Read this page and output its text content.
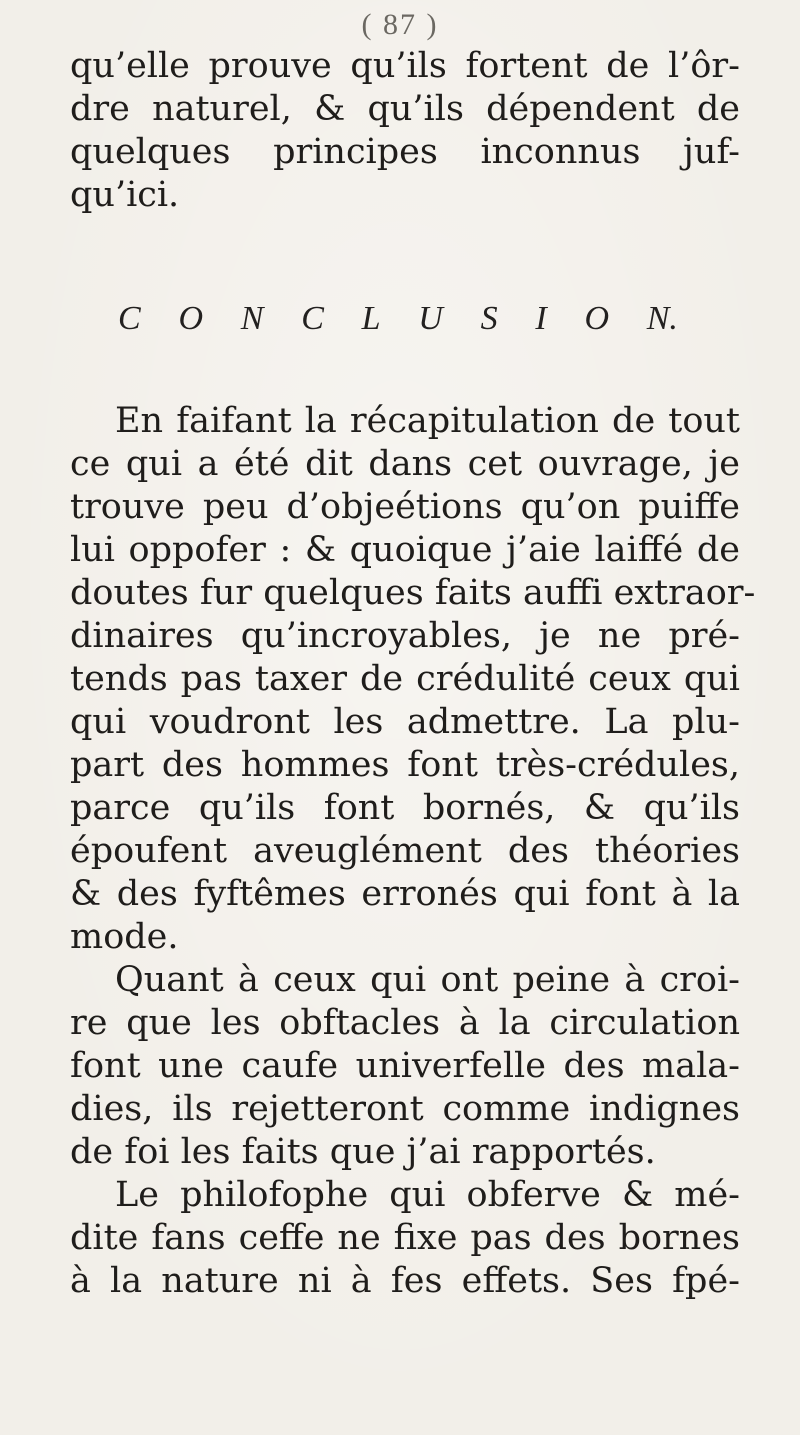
( 87 )
qu’elle prouve qu’ils fortent de l’ôr-
dre naturel, & qu’ils dépendent de
quelques principes inconnus juf-
qu’ici.
C O N C L U S I O N.
En faifant la récapitulation de tout
ce qui a été dit dans cet ouvrage, je
trouve peu d’objeétions qu’on puiffe
lui oppofer : & quoique j’aie laiffé de
doutes fur quelques faits auffi extraor-
dinaires qu’incroyables, je ne pré-
tends pas taxer de crédulité ceux qui
qui voudront les admettre. La plu-
part des hommes font très-crédules,
parce qu’ils font bornés, & qu’ils
époufent aveuglément des théories
& des fyftêmes erronés qui font à la
mode.
Quant à ceux qui ont peine à croi-
re que les obftacles à la circulation
font une caufe univerfelle des mala-
dies, ils rejetteront comme indignes
de foi les faits que j’ai rapportés.
Le philofophe qui obferve & mé-
dite fans ceffe ne fixe pas des bornes
à la nature ni à fes effets. Ses fpé-
